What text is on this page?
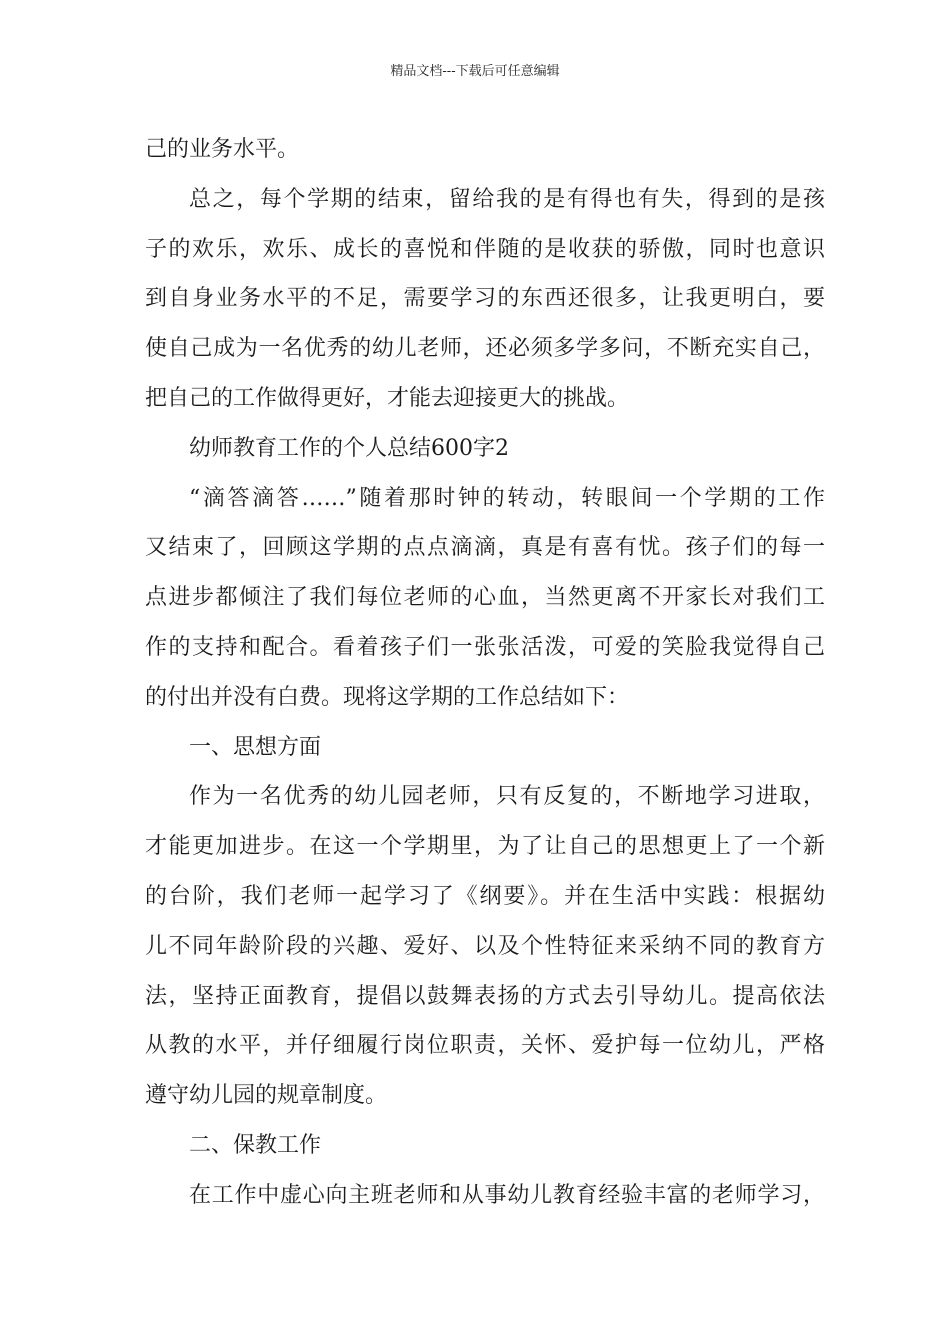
精品文档---下载后可任意编辑
己的业务水平。
总之，每个学期的结束，留给我的是有得也有失，得到的是孩
子的欢乐，欢乐、成长的喜悦和伴随的是收获的骄傲，同时也意识
到自身业务水平的不足，需要学习的东西还很多，让我更明白，要
使自己成为一名优秀的幼儿老师，还必须多学多问，不断充实自己，
把自己的工作做得更好，才能去迎接更大的挑战。
幼师教育工作的个人总结600字2
“滴答滴答……”随着那时钟的转动，转眼间一个学期的工作
又结束了，回顾这学期的点点滴滴，真是有喜有忧。孩子们的每一
点进步都倾注了我们每位老师的心血，当然更离不开家长对我们工
作的支持和配合。看着孩子们一张张活泼，可爱的笑脸我觉得自己
的付出并没有白费。现将这学期的工作总结如下：
一、思想方面
作为一名优秀的幼儿园老师，只有反复的，不断地学习进取，
才能更加进步。在这一个学期里，为了让自己的思想更上了一个新
的台阶，我们老师一起学习了《纲要》。并在生活中实践：根据幼
儿不同年龄阶段的兴趣、爱好、以及个性特征来采纳不同的教育方
法，坚持正面教育，提倡以鼓舞表扬的方式去引导幼儿。提高依法
从教的水平，并仔细履行岗位职责，关怀、爱护每一位幼儿，严格
遵守幼儿园的规章制度。
二、保教工作
在工作中虚心向主班老师和从事幼儿教育经验丰富的老师学习，
